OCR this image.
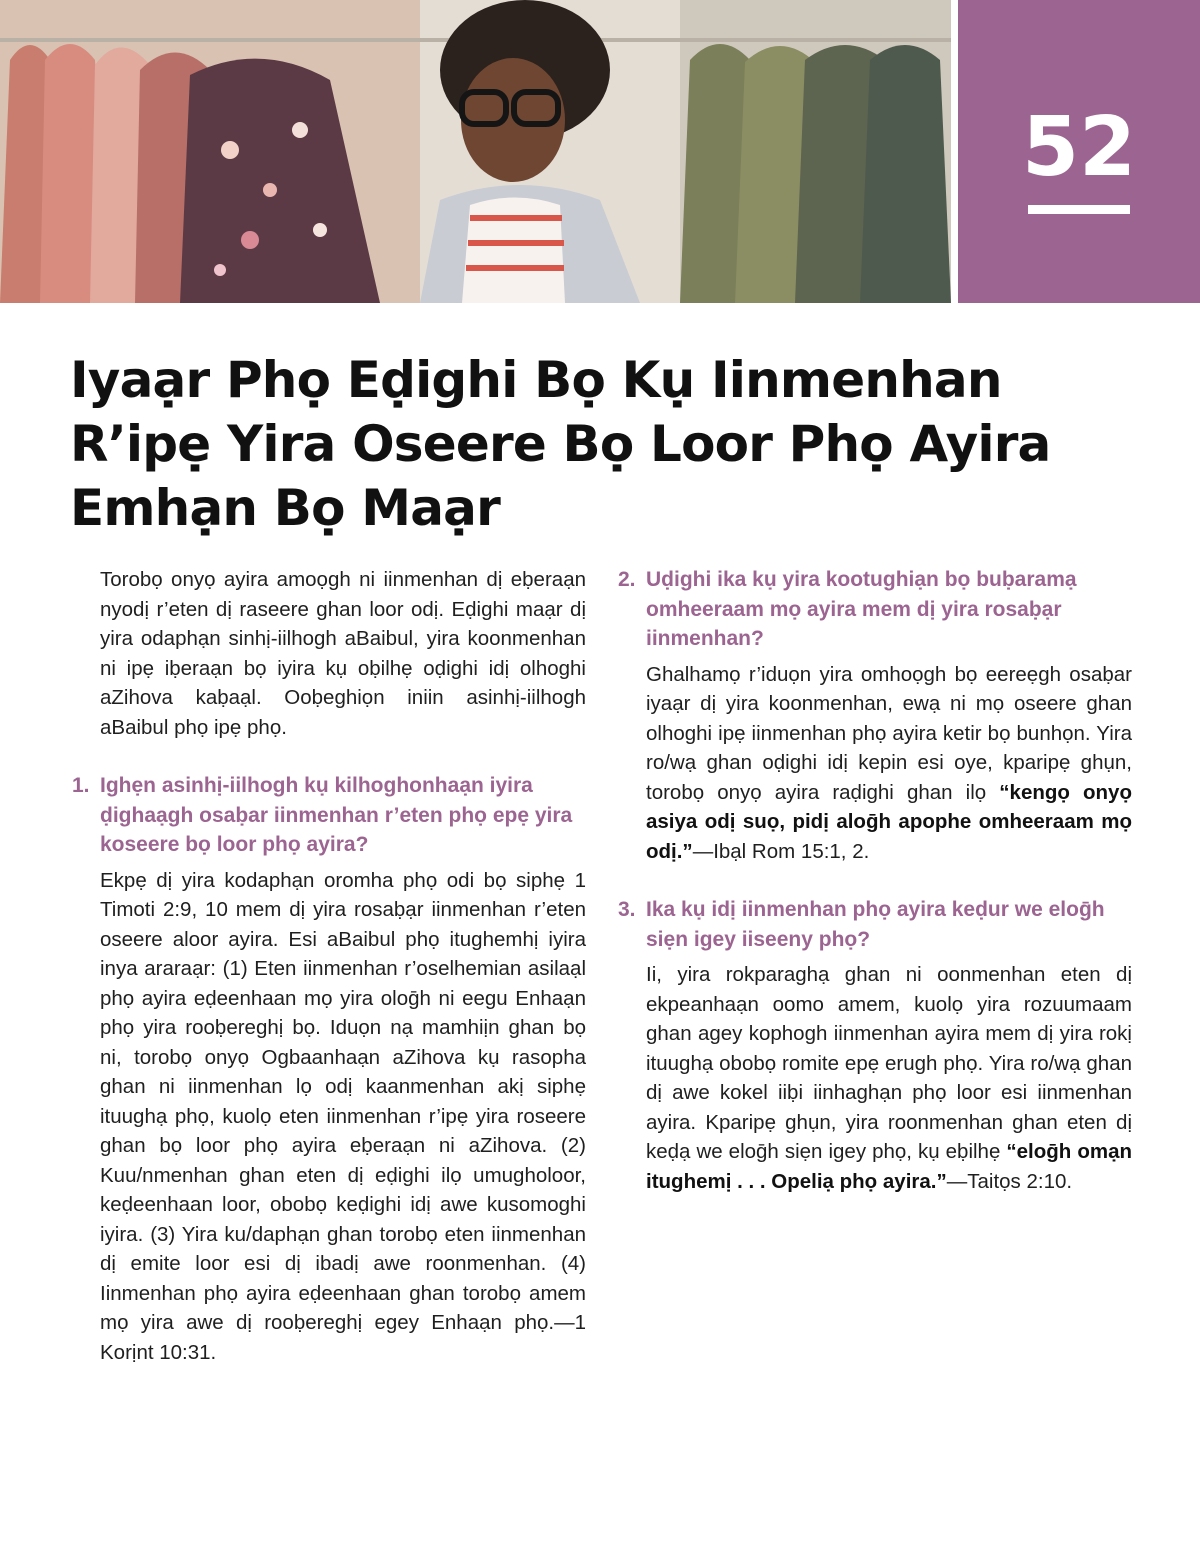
52
Iyaạr Phọ Eḍighi Bọ Kụ Iinmenhan R’ipẹ Yira Oseere Bọ Loor Phọ Ayira Emhạn Bọ Maạr

Torobọ onyọ ayira amoọgh ni iinmenhan dị eḅeraạn nyodị r’eten dị raseere ghan loor odị. Eḍighi maạr dị yira odaphạn sinhị-iilhogh aBaibul, yira koonmenhan ni ipẹ iḅeraạn bọ iyira kụ oḅilhẹ oḍighi idị olhoghi aZihova kaḅaạl. Ooḅeghiọn iniin asinhị-iilhogh aBaibul phọ ipẹ phọ.

1. Ighẹn asinhị-iilhogh kụ kilhoghonhaạn iyira ḍighaạgh osaḅar iinmenhan r’eten phọ epẹ yira koseere bọ loor phọ ayira?

Ekpẹ dị yira kodaphạn oromha phọ odi bọ siphẹ 1 Timoti 2:9, 10 mem dị yira rosaḅạr iinmenhan r’eten oseere aloor ayira. Esi aBaibul phọ itughemhị iyira inya araraạr: (1) Eten iinmenhan r’oselhemian asilaạl phọ ayira eḍeenhaan mọ yira oloḡh ni eegu Enhaạn phọ yira rooḅereghị bọ. Iduọn nạ mamhiịn ghan bọ ni, torobọ onyọ Ogbaanhaạn aZihova kụ rasopha ghan ni iinmenhan lọ odị kaanmenhan akị siphẹ ituughạ phọ, kuolọ eten iinmenhan r’ipẹ yira roseere ghan bọ loor phọ ayira eḅeraạn ni aZihova. (2) Kuu/nmenhan ghan eten dị eḍighi ilọ umugholoor, keḍeenhaan loor, obobọ keḍighi idị awe kusomoghi iyira. (3) Yira ku/daphạn ghan torobọ eten iinmenhan dị emite loor esi dị ibadị awe roonmenhan. (4) Iinmenhan phọ ayira eḍeenhaan ghan torobọ amem mọ yira awe dị rooḅereghị egey Enhaạn phọ.—1 Korịnt 10:31.

2. Uḍighi ika kụ yira kootughiạn bọ buḅaramạ omheeraam mọ ayira mem dị yira rosaḅạr iinmenhan?

Ghalhamọ r’iduọn yira omhoọgh bọ eereẹgh osaḅar iyaạr dị yira koonmenhan, ewạ ni mọ oseere ghan olhoghi ipẹ iinmenhan phọ ayira ketir bọ bunhọn. Yira ro/wạ ghan oḍighi idị kepin esi oye, kparipẹ ghụn, torobọ onyọ ayira raḍighi ghan ilọ “kengọ onyọ asiya odị suọ, pidị aloḡh apophe omheeraam mọ odị.”—Ibạl Rom 15:1, 2.

3. Ika kụ idị iinmenhan phọ ayira keḍur we eloḡh siẹn igey iiseeny phọ?

Ii, yira rokparaghạ ghan ni oonmenhan eten dị ekpeanhaạn oomo amem, kuolọ yira rozuumaam ghan agey kophogh iinmenhan ayira mem dị yira rokị ituughạ obobọ romite epẹ erugh phọ. Yira ro/wạ ghan dị awe kokel iiḅi iinhaghạn phọ loor esi iinmenhan ayira. Kparipẹ ghụn, yira roonmenhan ghan eten dị keḍạ we eloḡh siẹn igey phọ, kụ eḅilhẹ “eloḡh omạn itughemị . . . Opeliạ phọ ayira.”—Taitọs 2:10.
